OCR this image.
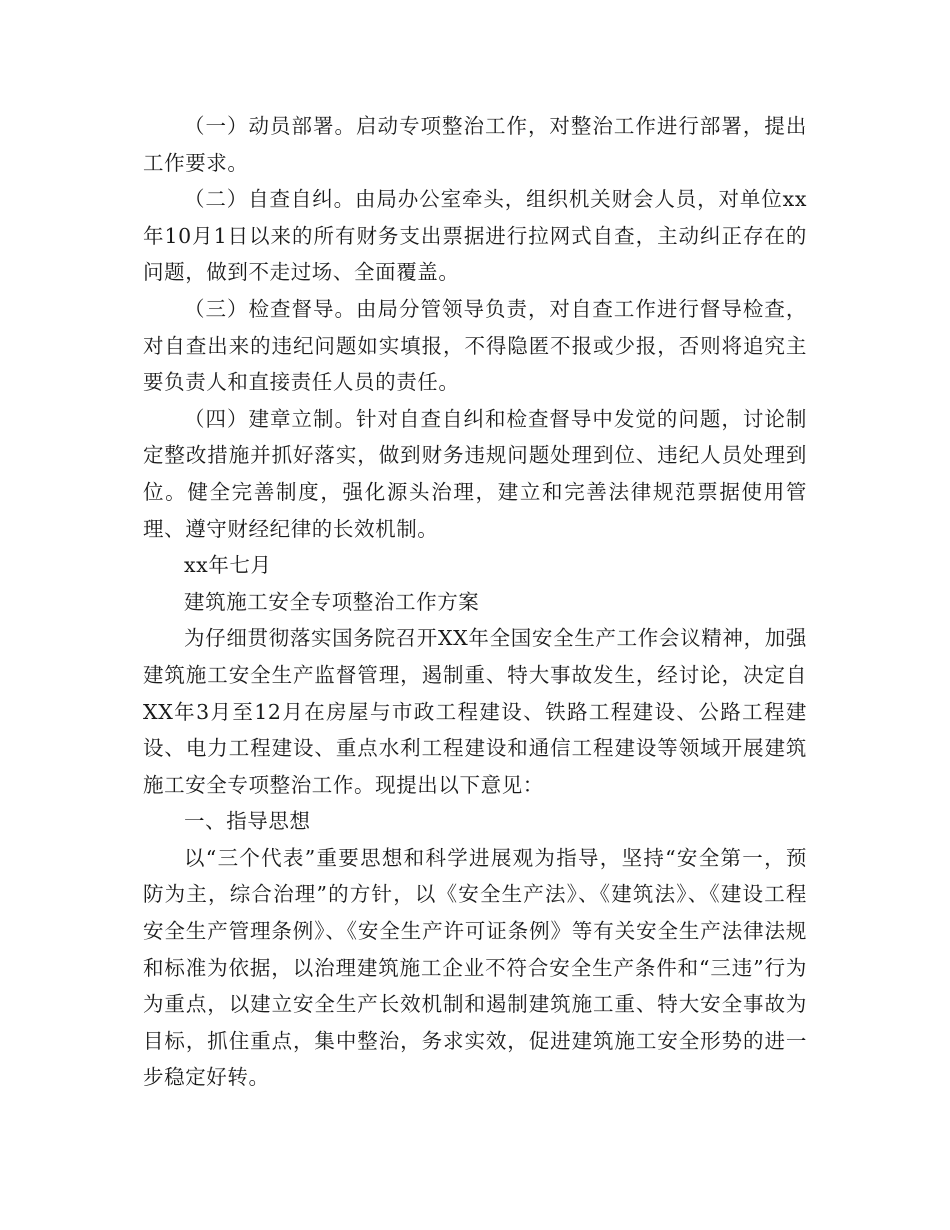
（一）动员部署。启动专项整治工作，对整治工作进行部署，提出工作要求。

（二）自查自纠。由局办公室牵头，组织机关财会人员，对单位xx年10月1日以来的所有财务支出票据进行拉网式自查，主动纠正存在的问题，做到不走过场、全面覆盖。

（三）检查督导。由局分管领导负责，对自查工作进行督导检查，对自查出来的违纪问题如实填报，不得隐匿不报或少报，否则将追究主要负责人和直接责任人员的责任。

（四）建章立制。针对自查自纠和检查督导中发觉的问题，讨论制定整改措施并抓好落实，做到财务违规问题处理到位、违纪人员处理到位。健全完善制度，强化源头治理，建立和完善法律规范票据使用管理、遵守财经纪律的长效机制。

xx年七月

建筑施工安全专项整治工作方案

为仔细贯彻落实国务院召开XX年全国安全生产工作会议精神，加强建筑施工安全生产监督管理，遏制重、特大事故发生，经讨论，决定自XX年3月至12月在房屋与市政工程建设、铁路工程建设、公路工程建设、电力工程建设、重点水利工程建设和通信工程建设等领域开展建筑施工安全专项整治工作。现提出以下意见：

一、指导思想

以“三个代表”重要思想和科学进展观为指导，坚持“安全第一，预防为主，综合治理”的方针，以《安全生产法》、《建筑法》、《建设工程安全生产管理条例》、《安全生产许可证条例》等有关安全生产法律法规和标准为依据，以治理建筑施工企业不符合安全生产条件和“三违”行为为重点，以建立安全生产长效机制和遏制建筑施工重、特大安全事故为目标，抓住重点，集中整治，务求实效，促进建筑施工安全形势的进一步稳定好转。
